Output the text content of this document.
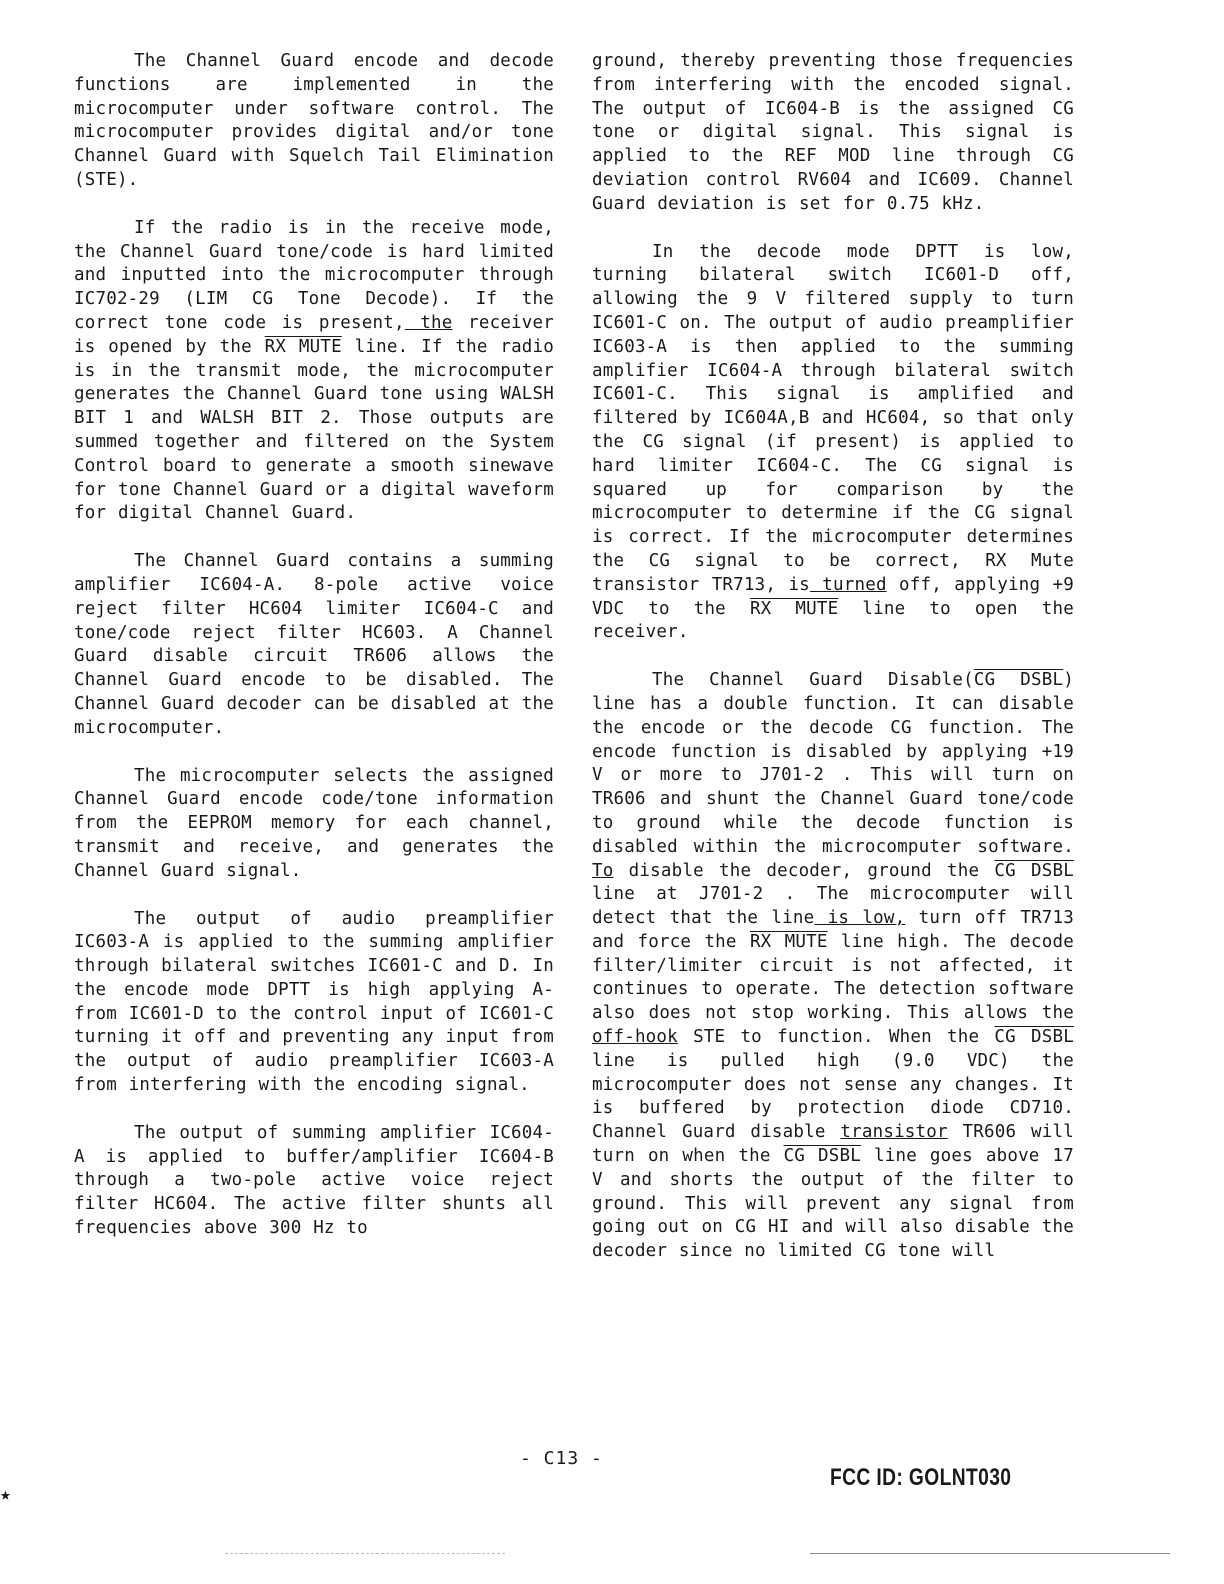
The Channel Guard encode and decode functions are implemented in the microcomputer under software control. The microcomputer provides digital and/or tone Channel Guard with Squelch Tail Elimination (STE).

If the radio is in the receive mode, the Channel Guard tone/code is hard limited and inputted into the microcomputer through IC702-29 (LIM CG Tone Decode). If the correct tone code is present, the receiver is opened by the RX MUTE line. If the radio is in the transmit mode, the microcomputer generates the Channel Guard tone using WALSH BIT 1 and WALSH BIT 2. Those outputs are summed together and filtered on the System Control board to generate a smooth sinewave for tone Channel Guard or a digital waveform for digital Channel Guard.

The Channel Guard contains a summing amplifier IC604-A. 8-pole active voice reject filter HC604 limiter IC604-C and tone/code reject filter HC603. A Channel Guard disable circuit TR606 allows the Channel Guard encode to be disabled. The Channel Guard decoder can be disabled at the microcomputer.

The microcomputer selects the assigned Channel Guard encode code/tone information from the EEPROM memory for each channel, transmit and receive, and generates the Channel Guard signal.

The output of audio preamplifier IC603-A is applied to the summing amplifier through bilateral switches IC601-C and D. In the encode mode DPTT is high applying A- from IC601-D to the control input of IC601-C turning it off and preventing any input from the output of audio preamplifier IC603-A from interfering with the encoding signal.

The output of summing amplifier IC604-A is applied to buffer/amplifier IC604-B through a two-pole active voice reject filter HC604. The active filter shunts all frequencies above 300 Hz to

ground, thereby preventing those frequencies from interfering with the encoded signal. The output of IC604-B is the assigned CG tone or digital signal. This signal is applied to the REF MOD line through CG deviation control RV604 and IC609. Channel Guard deviation is set for 0.75 kHz.

In the decode mode DPTT is low, turning bilateral switch IC601-D off, allowing the 9 V filtered supply to turn IC601-C on. The output of audio preamplifier IC603-A is then applied to the summing amplifier IC604-A through bilateral switch IC601-C. This signal is amplified and filtered by IC604A,B and HC604, so that only the CG signal (if present) is applied to hard limiter IC604-C. The CG signal is squared up for comparison by the microcomputer to determine if the CG signal is correct. If the microcomputer determines the CG signal to be correct, RX Mute transistor TR713, is turned off, applying +9 VDC to the RX MUTE line to open the receiver.

The Channel Guard Disable(CG DSBL) line has a double function. It can disable the encode or the decode CG function. The encode function is disabled by applying +19 V or more to J701-2 . This will turn on TR606 and shunt the Channel Guard tone/code to ground while the decode function is disabled within the microcomputer software. To disable the decoder, ground the CG DSBL line at J701-2 . The microcomputer will detect that the line is low, turn off TR713 and force the RX MUTE line high. The decode filter/limiter circuit is not affected, it continues to operate. The detection software also does not stop working. This allows the off-hook STE to function. When the CG DSBL line is pulled high (9.0 VDC) the microcomputer does not sense any changes. It is buffered by protection diode CD710. Channel Guard disable transistor TR606 will turn on when the CG DSBL line goes above 17 V and shorts the output of the filter to ground. This will prevent any signal from going out on CG HI and will also disable the decoder since no limited CG tone will

- C13 -
FCC ID: GOLNT030
★
